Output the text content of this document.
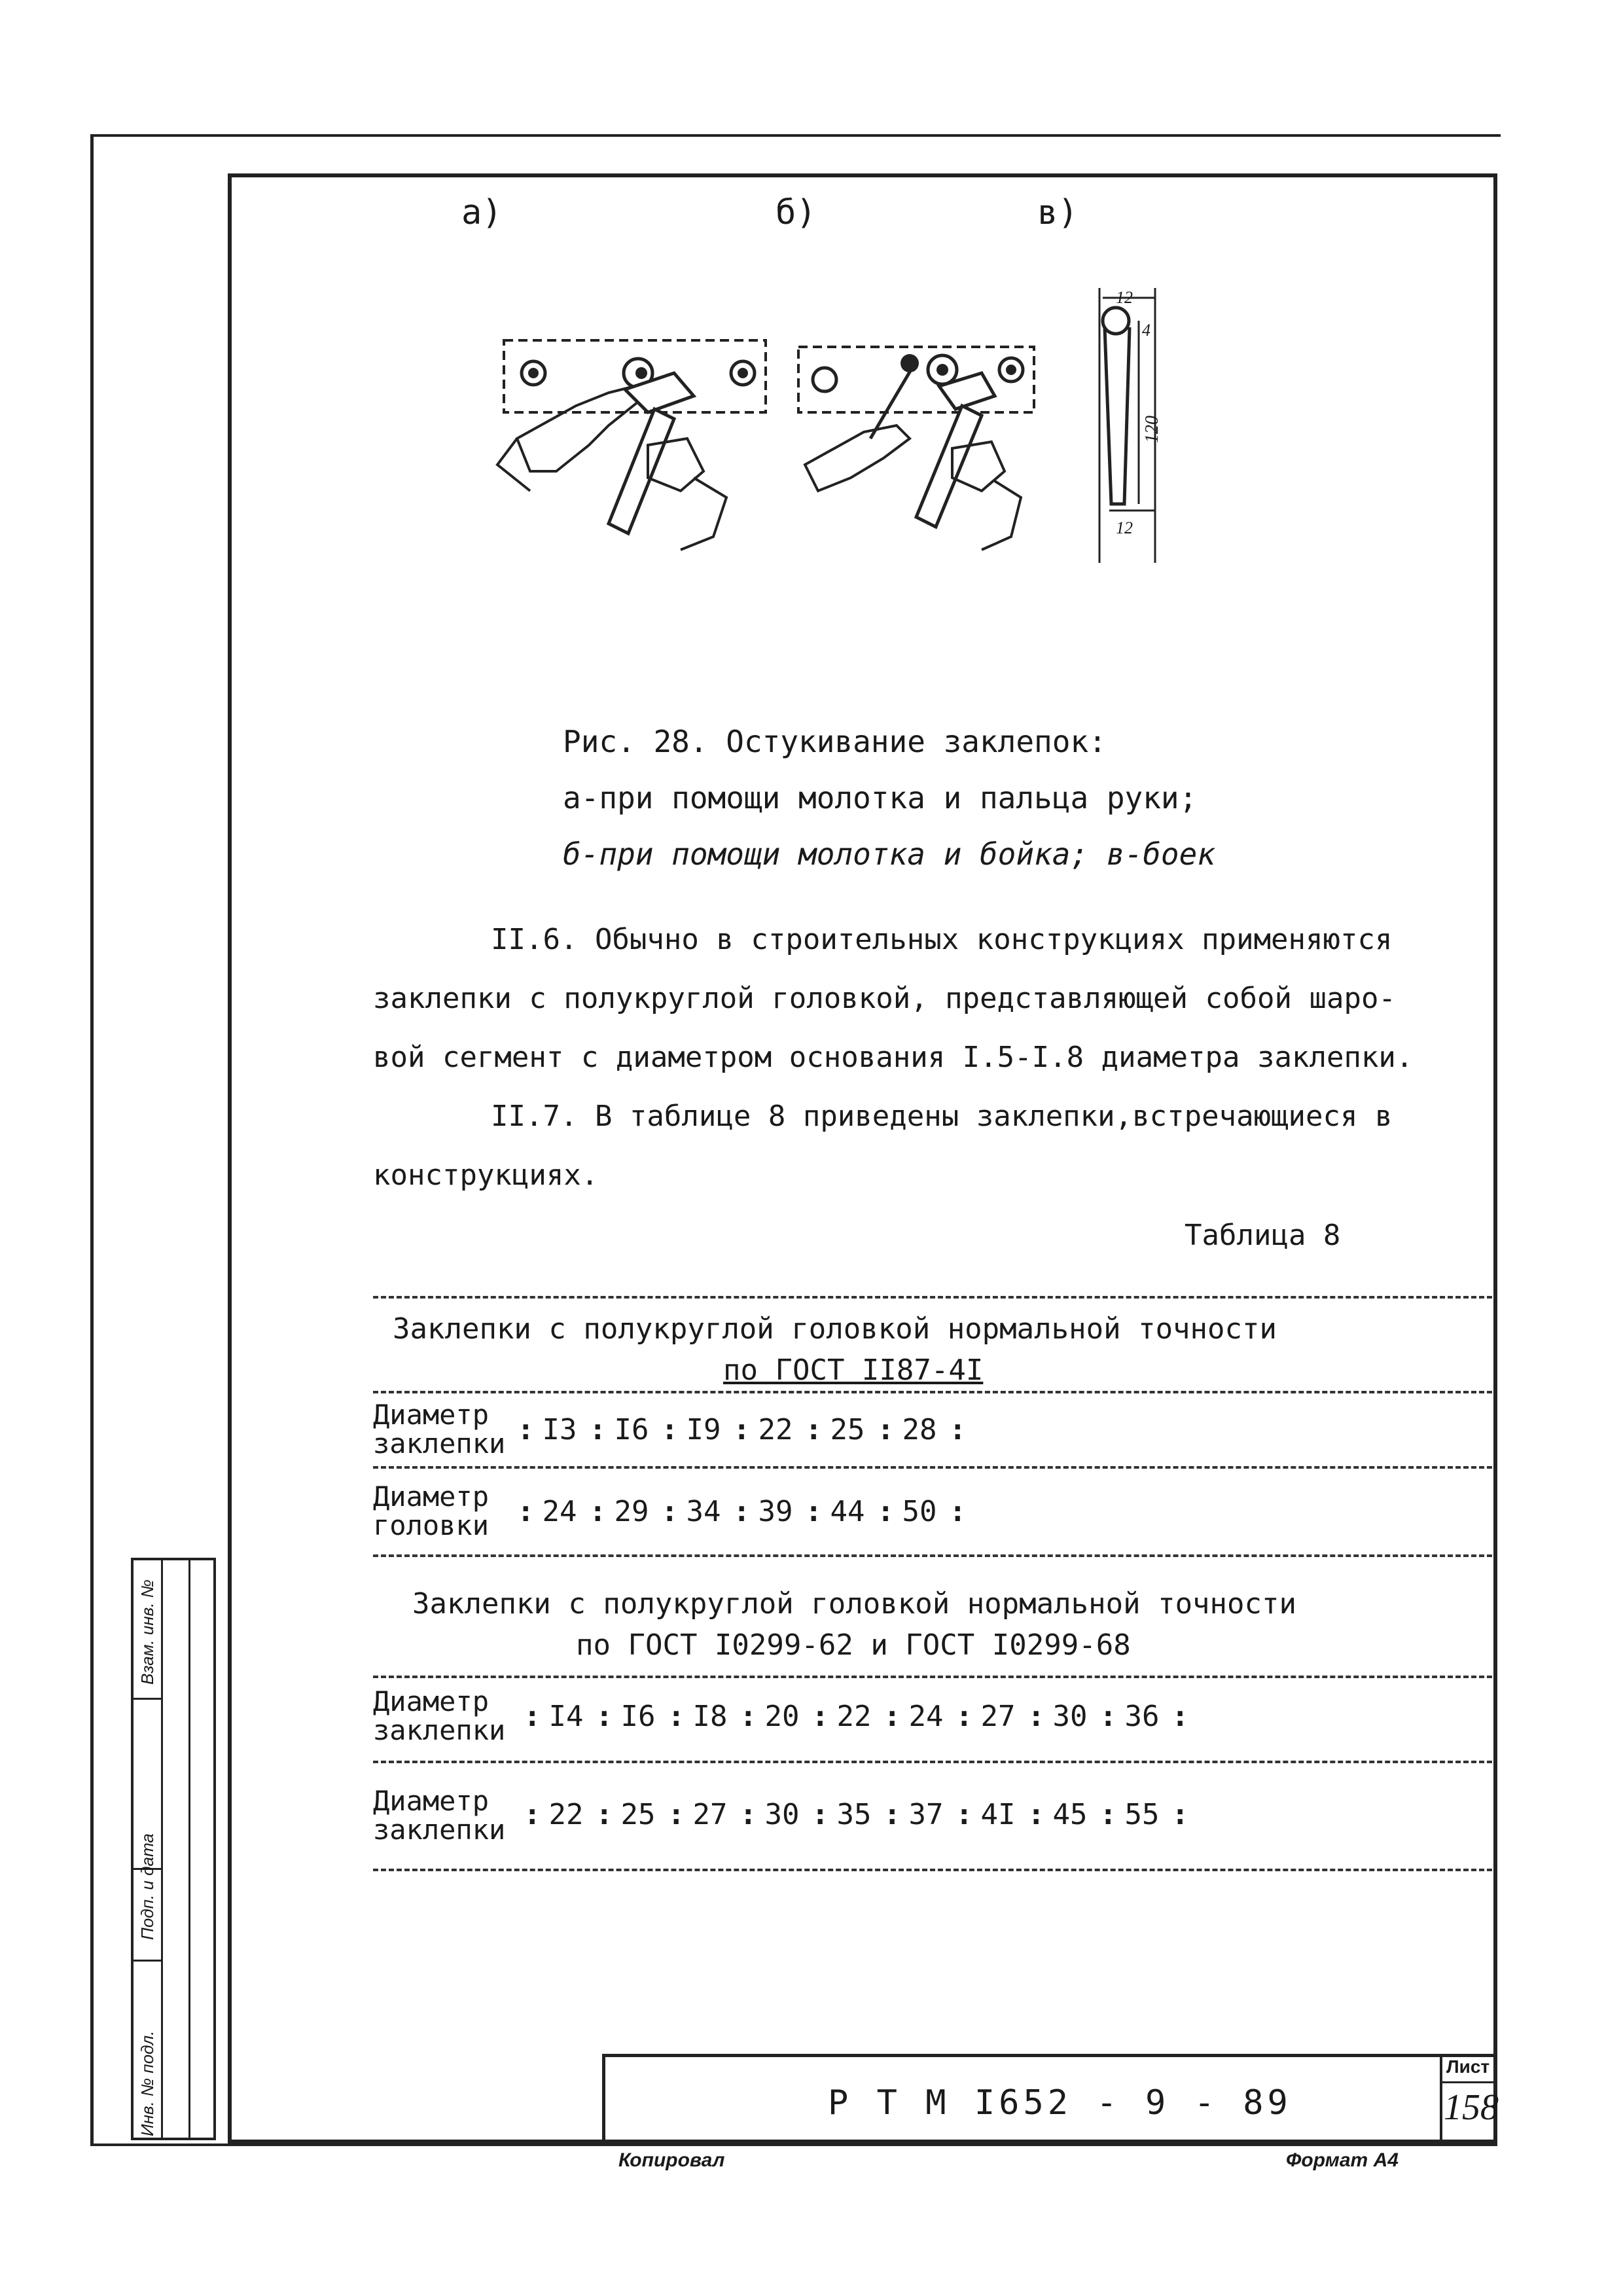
а)	б)	в)
12
4
120
12
Рис. 28. Остукивание заклепок:
а-при помощи молотка и пальца руки;
б-при помощи молотка и бойка; в-боек
II.6. Обычно в строительных конструкциях применяются
заклепки с полукруглой головкой, представляющей собой шаро-
вой сегмент с диаметром основания I.5-I.8 диаметра заклепки.
II.7. В таблице 8 приведены заклепки,встречающиеся в
конструкциях.
Таблица 8
Заклепки с полукруглой головкой нормальной точности
по ГОСТ II87-4I
Диаметр
заклепки : I3 : I6 : I9 : 22 : 25 : 28 :
Диаметр
головки : 24 : 29 : 34 : 39 : 44 : 50 :
Заклепки с полукруглой головкой нормальной точности
по ГОСТ I0299-62 и ГОСТ I0299-68
Диаметр
заклепки : I4 : I6 : I8 : 20 : 22 : 24 : 27 : 30 : 36 :
Диаметр
заклепки : 22 : 25 : 27 : 30 : 35 : 37 : 4I : 45 : 55 :
Инв. № подл.
Подп. и дата
Взам. инв. №
Р Т М I652 - 9 - 89
Лист
158
Копировал	Формат А4
